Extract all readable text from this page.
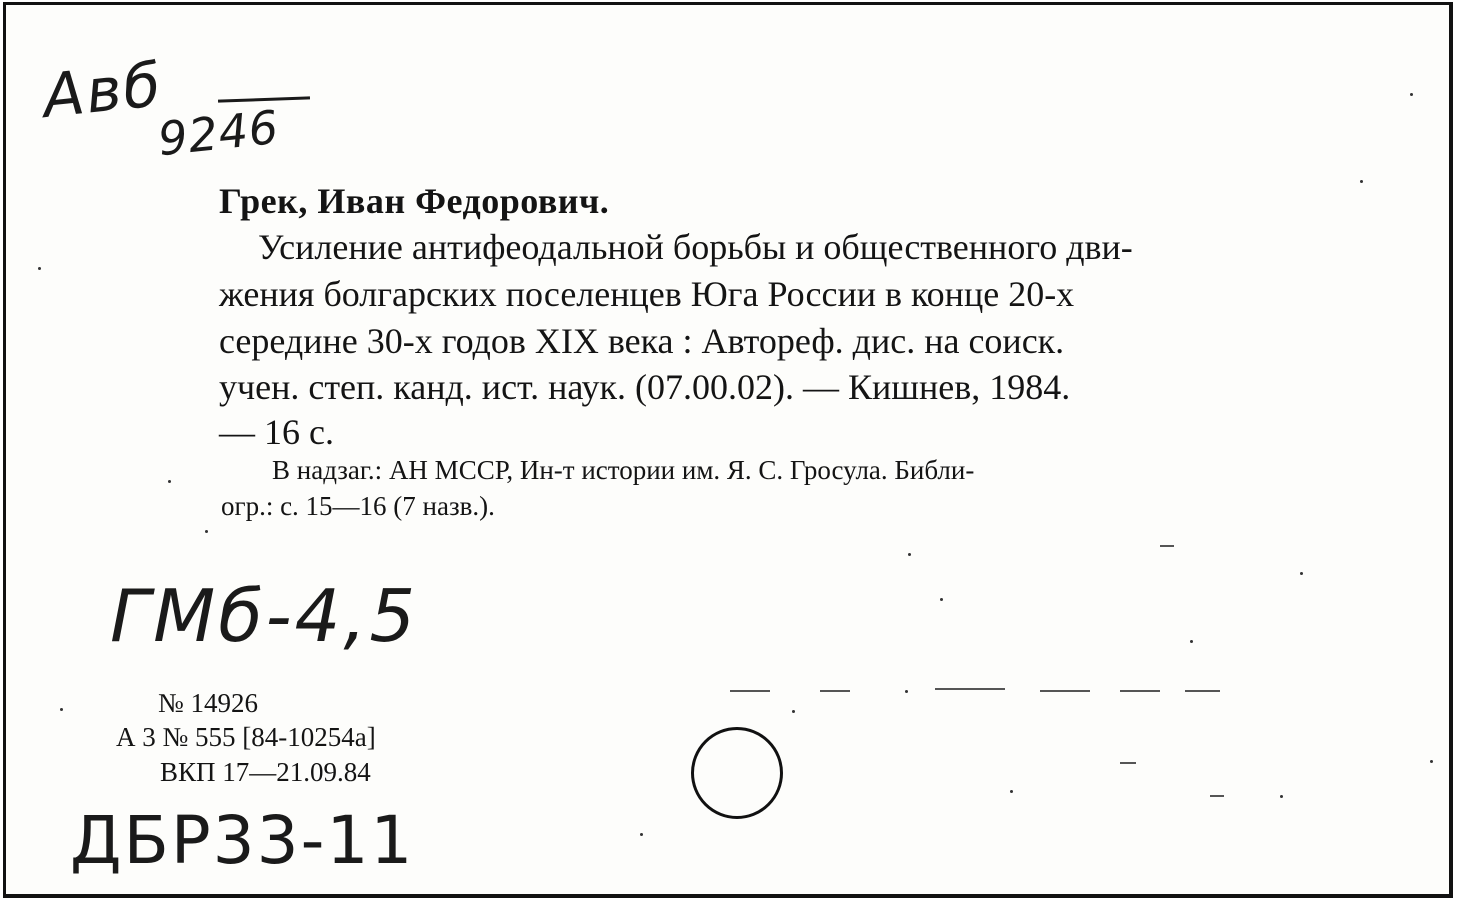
Авб
9246
Грек, Иван Федорович.
Усиление антифеодальной борьбы и общественного дви-
жения болгарских поселенцев Юга России в конце 20-х
середине 30-х годов XIX века : Автореф. дис. на соиск.
учен. степ. канд. ист. наук. (07.00.02). — Кишнев, 1984.
— 16 с.
В надзаг.: АН МССР, Ин-т истории им. Я. С. Гросула. Библи-
огр.: с. 15—16 (7 назв.).
ГМб-4,5
№ 14926
А 3 № 555 [84-10254а]
ВКП 17—21.09.84
ДБР33-11
